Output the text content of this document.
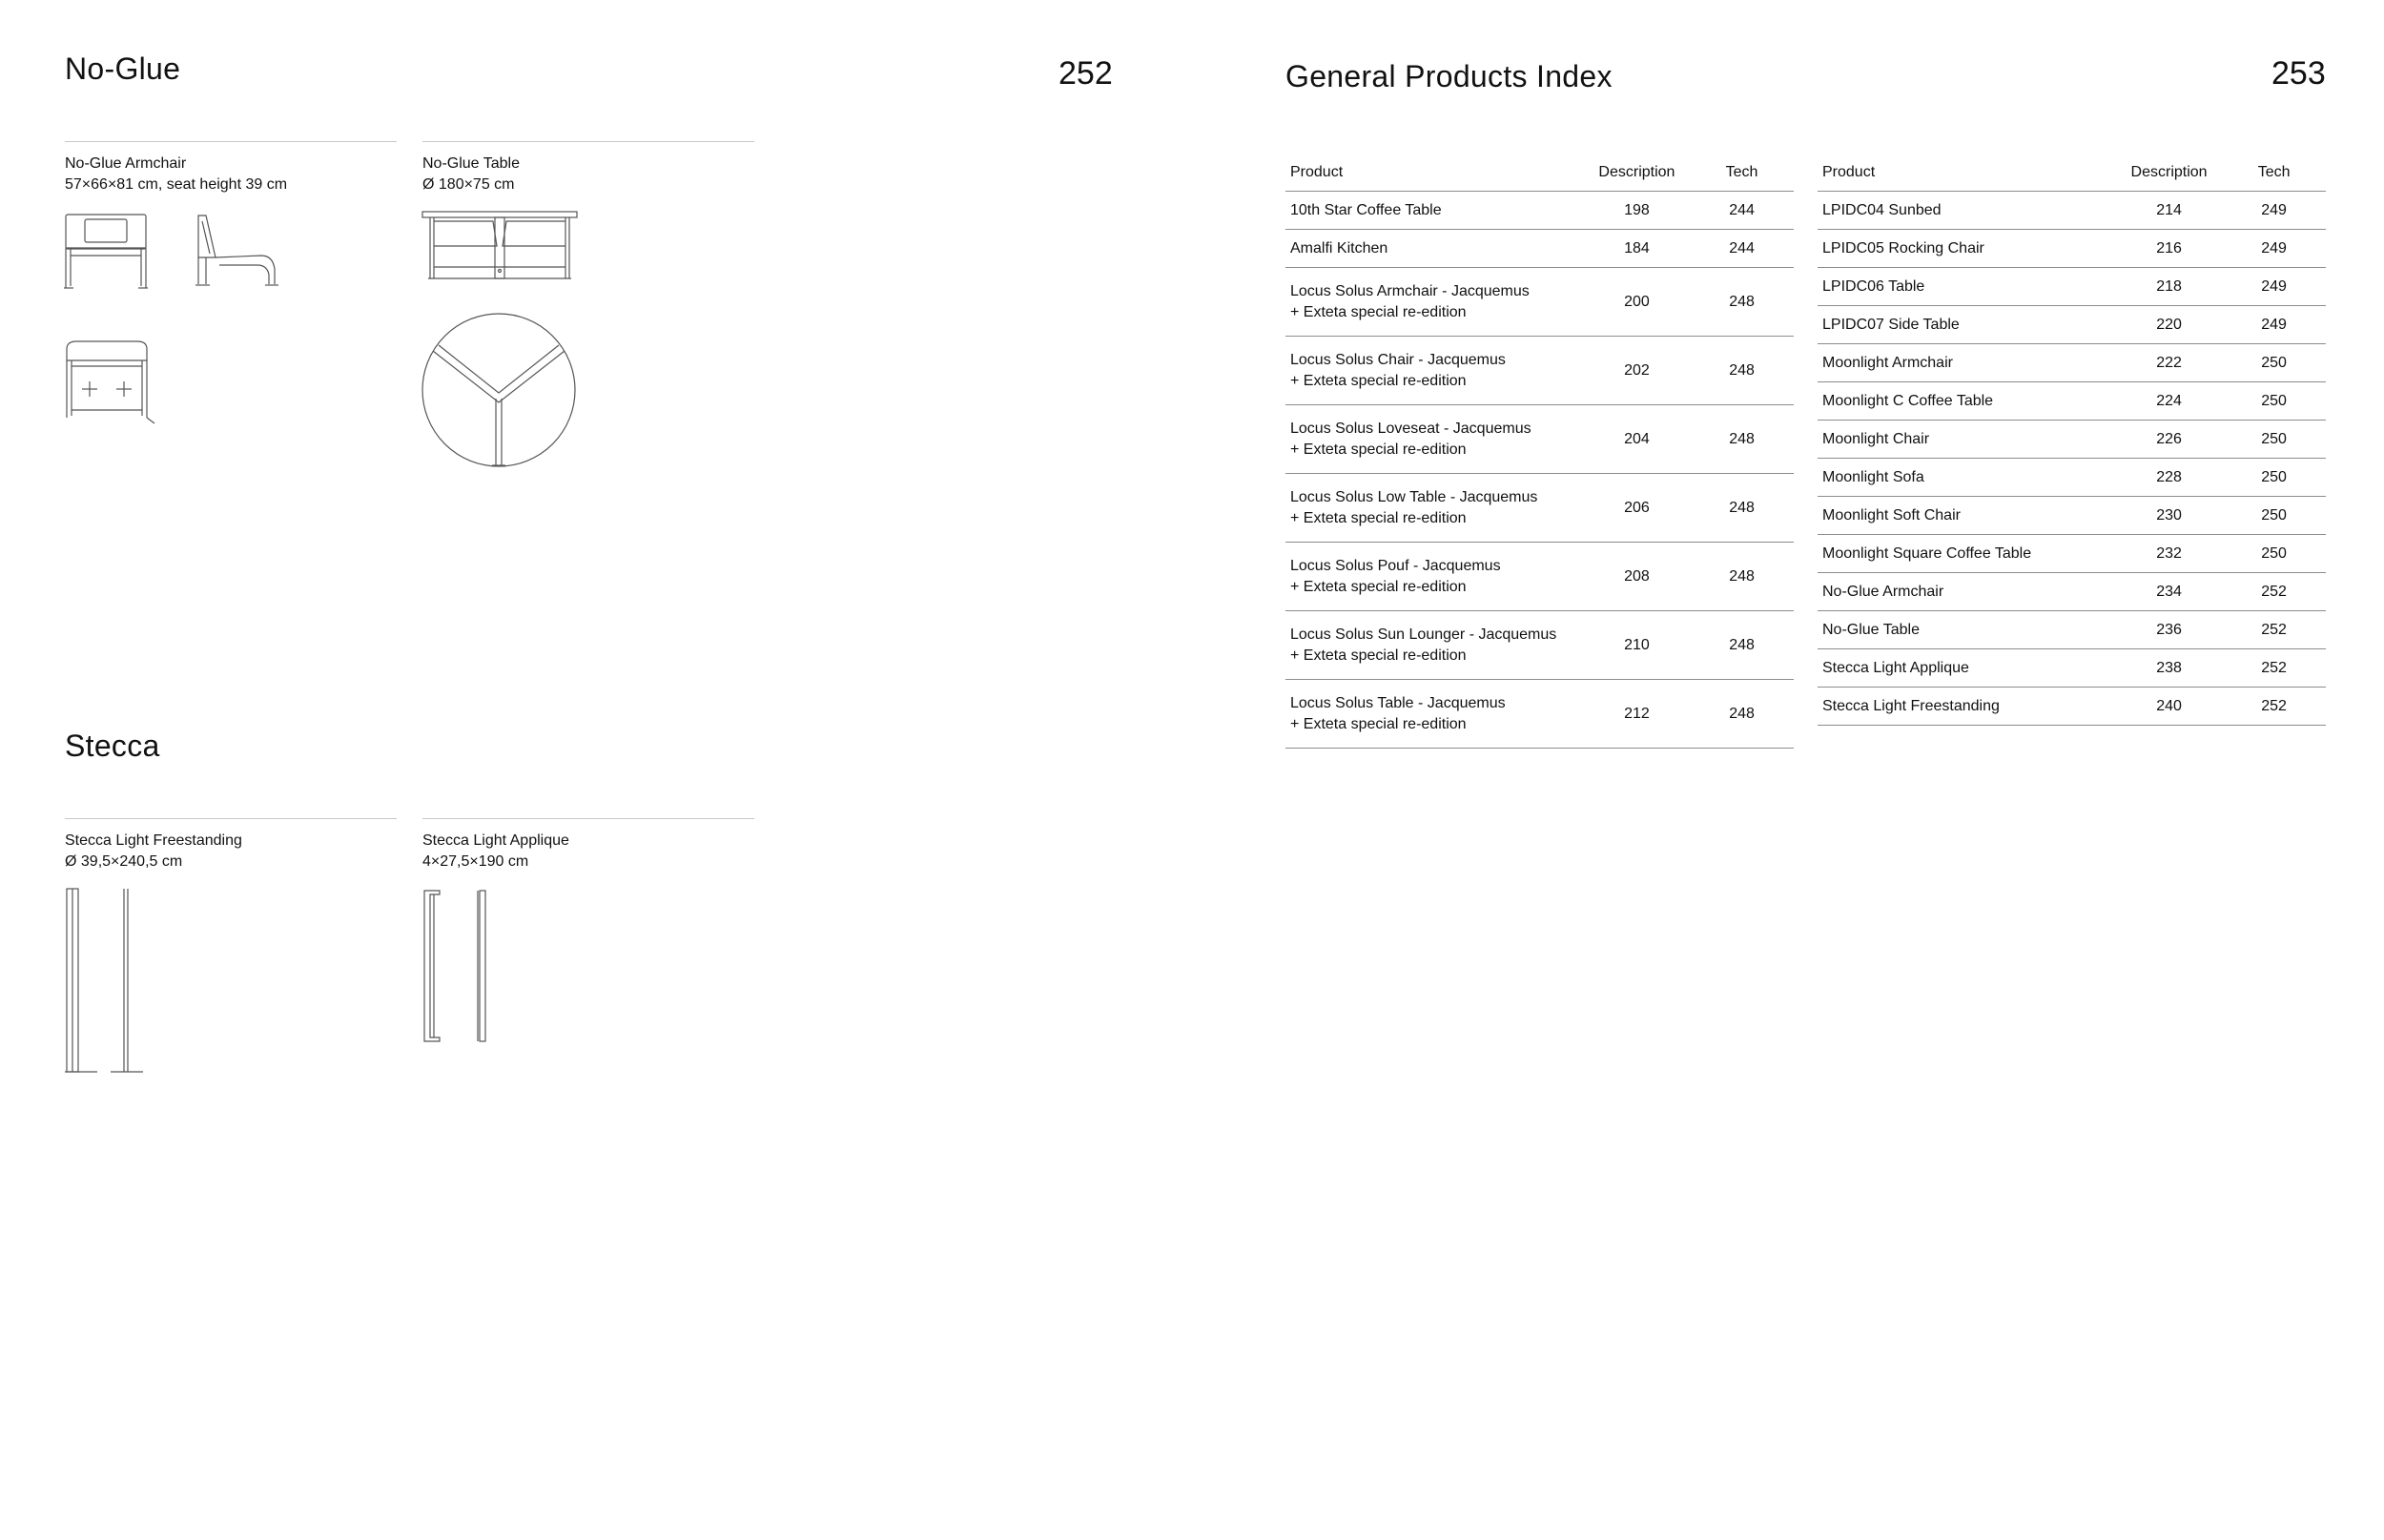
No-Glue	252
No-Glue Armchair
57×66×81 cm, seat height 39 cm
No-Glue Table
Ø 180×75 cm
Stecca
Stecca Light Freestanding
Ø 39,5×240,5 cm
Stecca Light Applique
4×27,5×190 cm
General Products Index	253
Product	Description	Tech

10th Star Coffee Table	198	244

Amalfi Kitchen	184	244

Locus Solus Armchair - Jacquemus
+ Exteta special re-edition	200	248

Locus Solus Chair - Jacquemus
+ Exteta special re-edition	202	248

Locus Solus Loveseat - Jacquemus
+ Exteta special re-edition	204	248

Locus Solus Low Table - Jacquemus
+ Exteta special re-edition	206	248

Locus Solus Pouf - Jacquemus
+ Exteta special re-edition	208	248

Locus Solus Sun Lounger - Jacquemus
+ Exteta special re-edition	210	248

Locus Solus Table - Jacquemus
+ Exteta special re-edition	212	248
Product	Description	Tech

LPIDC04 Sunbed	214	249

LPIDC05 Rocking Chair	216	249

LPIDC06 Table	218	249

LPIDC07 Side Table	220	249

Moonlight Armchair	222	250

Moonlight C Coffee Table	224	250

Moonlight Chair	226	250

Moonlight Sofa	228	250

Moonlight Soft Chair	230	250

Moonlight Square Coffee Table	232	250

No-Glue Armchair	234	252

No-Glue Table	236	252

Stecca Light Applique	238	252

Stecca Light Freestanding	240	252
